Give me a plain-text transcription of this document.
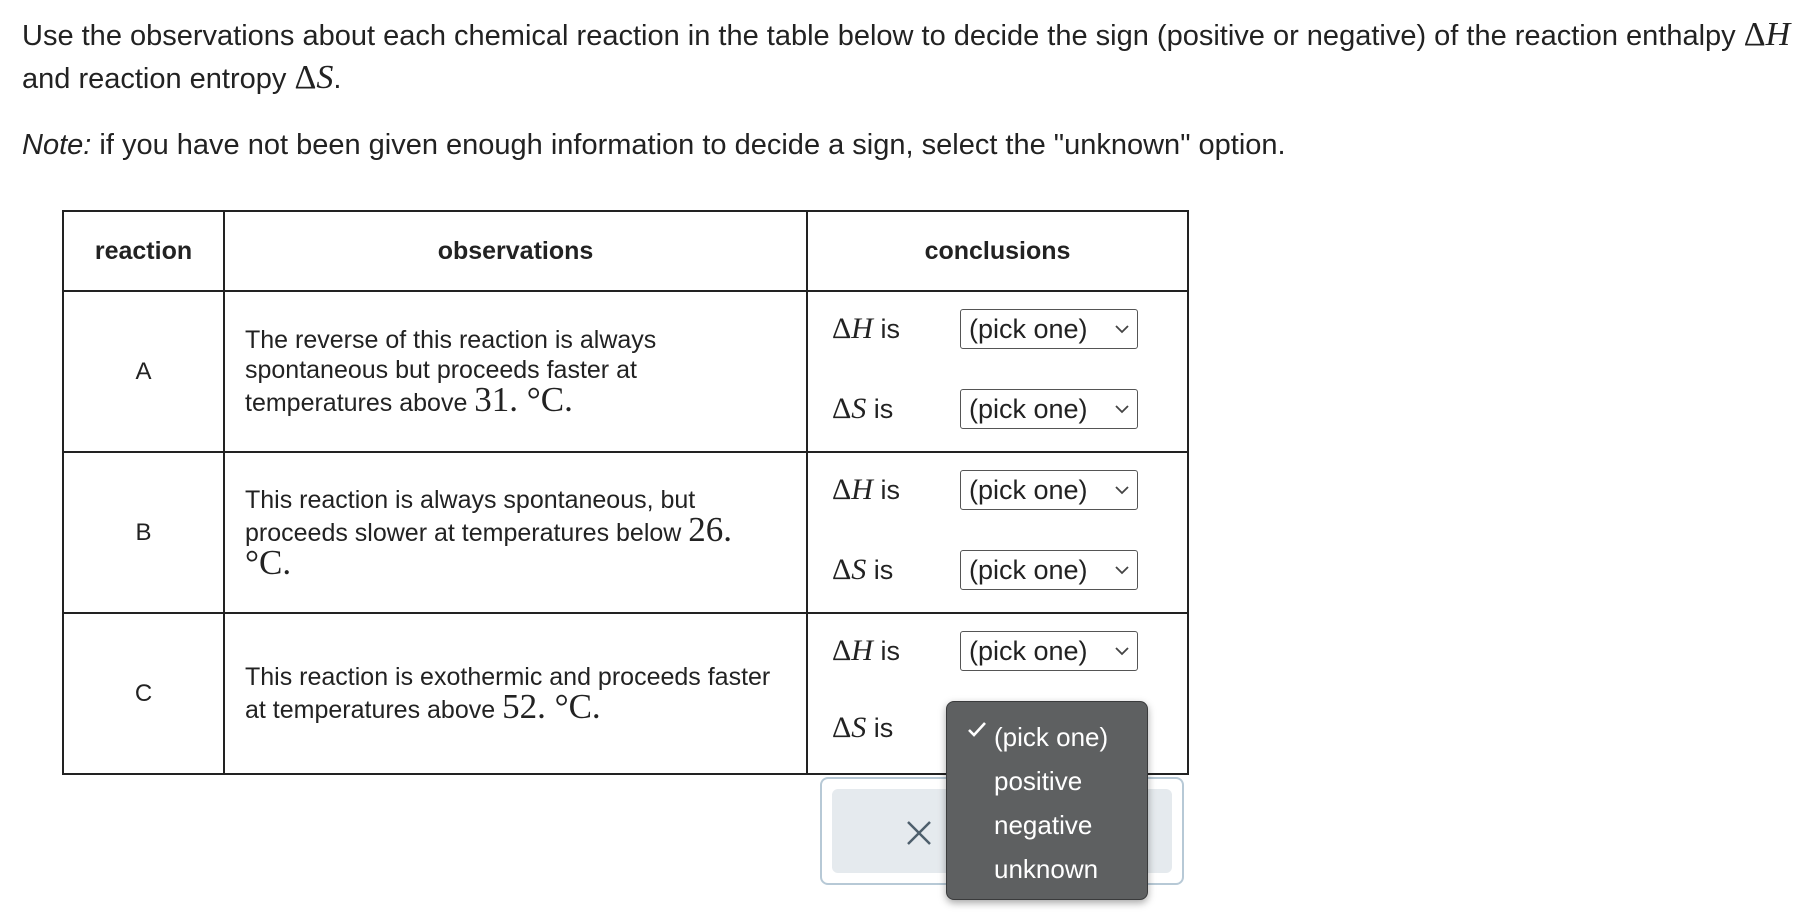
Use the observations about each chemical reaction in the table below to decide the sign (positive or negative) of the reaction enthalpy ΔH and reaction entropy ΔS.
Note: if you have not been given enough information to decide a sign, select the "unknown" option.
reaction	observations	conclusions
A	The reverse of this reaction is always spontaneous but proceeds faster at temperatures above 31. °C.	ΔH is (pick one)
ΔS is (pick one)

B	This reaction is always spontaneous, but proceeds slower at temperatures below 26. °C.	ΔH is (pick one)
ΔS is (pick one)

C	This reaction is exothermic and proceeds faster at temperatures above 52. °C.	ΔH is (pick one)
ΔS is	(pick one)
positive
negative
unknown
